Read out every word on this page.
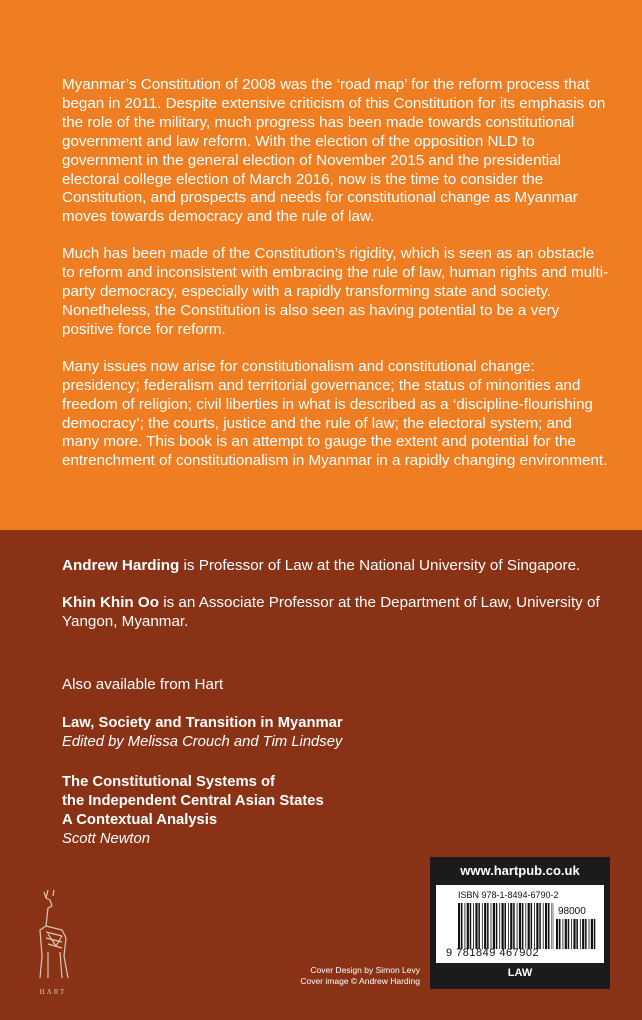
Myanmar’s Constitution of 2008 was the ‘road map’ for the reform process that began in 2011. Despite extensive criticism of this Constitution for its emphasis on the role of the military, much progress has been made towards constitutional government and law reform. With the election of the opposition NLD to government in the general election of November 2015 and the presidential electoral college election of March 2016, now is the time to consider the Constitution, and prospects and needs for constitutional change as Myanmar moves towards democracy and the rule of law.

Much has been made of the Constitution’s rigidity, which is seen as an obstacle to reform and inconsistent with embracing the rule of law, human rights and multi-party democracy, especially with a rapidly transforming state and society. Nonetheless, the Constitution is also seen as having potential to be a very positive force for reform.

Many issues now arise for constitutionalism and constitutional change: presidency; federalism and territorial governance; the status of minorities and freedom of religion; civil liberties in what is described as a ‘discipline-flourishing democracy’; the courts, justice and the rule of law; the electoral system; and many more. This book is an attempt to gauge the extent and potential for the entrenchment of constitutionalism in Myanmar in a rapidly changing environment.

Andrew Harding is Professor of Law at the National University of Singapore.

Khin Khin Oo is an Associate Professor at the Department of Law, University of Yangon, Myanmar.

Also available from Hart
Law, Society and Transition in Myanmar
Edited by Melissa Crouch and Tim Lindsey
The Constitutional Systems of
the Independent Central Asian States
A Contextual Analysis
Scott Newton
HART
Cover Design by Simon Levy
Cover image © Andrew Harding
www.hartpub.co.uk
ISBN 978-1-8494-6790-2
98000
9 781849 467902
LAW
